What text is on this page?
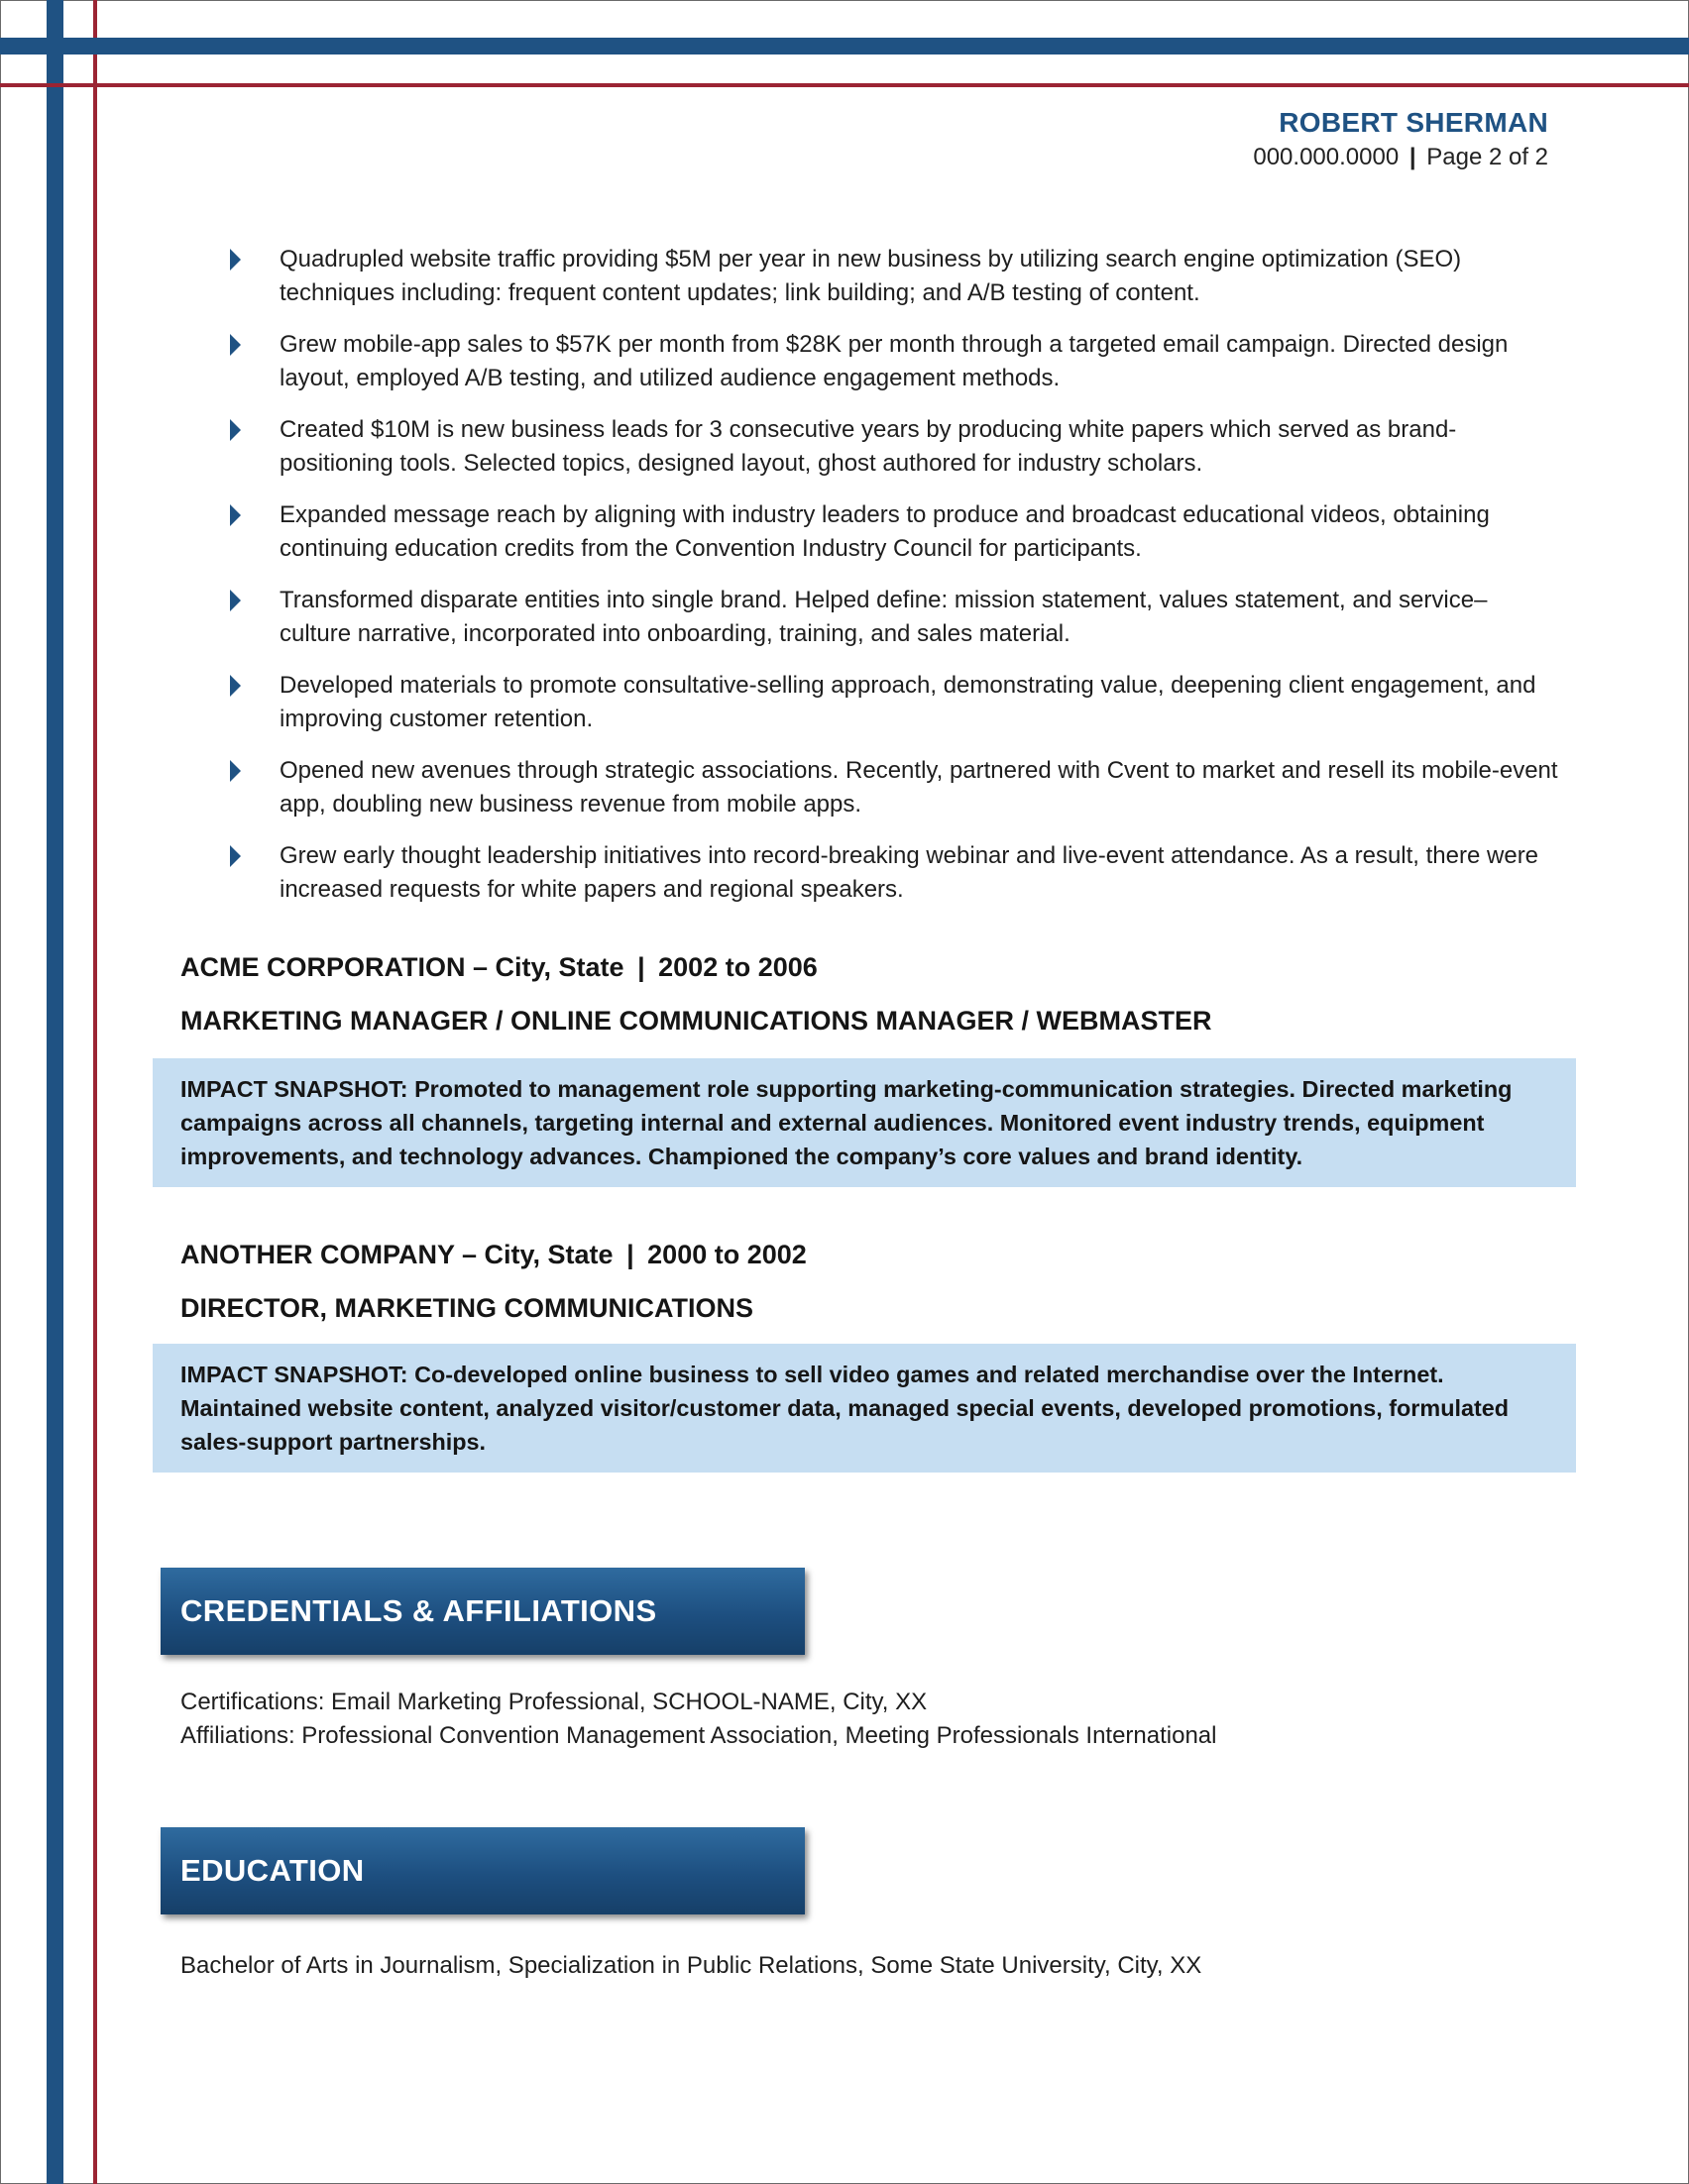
ROBERT SHERMAN
000.000.0000 | Page 2 of 2
Quadrupled website traffic providing $5M per year in new business by utilizing search engine optimization (SEO) techniques including: frequent content updates; link building; and A/B testing of content.
Grew mobile-app sales to $57K per month from $28K per month through a targeted email campaign. Directed design layout, employed A/B testing, and utilized audience engagement methods.
Created $10M is new business leads for 3 consecutive years by producing white papers which served as brand-positioning tools. Selected topics, designed layout, ghost authored for industry scholars.
Expanded message reach by aligning with industry leaders to produce and broadcast educational videos, obtaining continuing education credits from the Convention Industry Council for participants.
Transformed disparate entities into single brand. Helped define: mission statement, values statement, and service–culture narrative, incorporated into onboarding, training, and sales material.
Developed materials to promote consultative-selling approach, demonstrating value, deepening client engagement, and improving customer retention.
Opened new avenues through strategic associations. Recently, partnered with Cvent to market and resell its mobile-event app, doubling new business revenue from mobile apps.
Grew early thought leadership initiatives into record-breaking webinar and live-event attendance. As a result, there were increased requests for white papers and regional speakers.
ACME CORPORATION – City, State | 2002 to 2006
MARKETING MANAGER / ONLINE COMMUNICATIONS MANAGER / WEBMASTER
IMPACT SNAPSHOT: Promoted to management role supporting marketing-communication strategies. Directed marketing campaigns across all channels, targeting internal and external audiences. Monitored event industry trends, equipment improvements, and technology advances. Championed the company’s core values and brand identity.
ANOTHER COMPANY – City, State | 2000 to 2002
DIRECTOR, MARKETING COMMUNICATIONS
IMPACT SNAPSHOT: Co-developed online business to sell video games and related merchandise over the Internet. Maintained website content, analyzed visitor/customer data, managed special events, developed promotions, formulated sales-support partnerships.
CREDENTIALS & AFFILIATIONS
Certifications: Email Marketing Professional, SCHOOL-NAME, City, XX
Affiliations: Professional Convention Management Association, Meeting Professionals International
EDUCATION
Bachelor of Arts in Journalism, Specialization in Public Relations, Some State University, City, XX
